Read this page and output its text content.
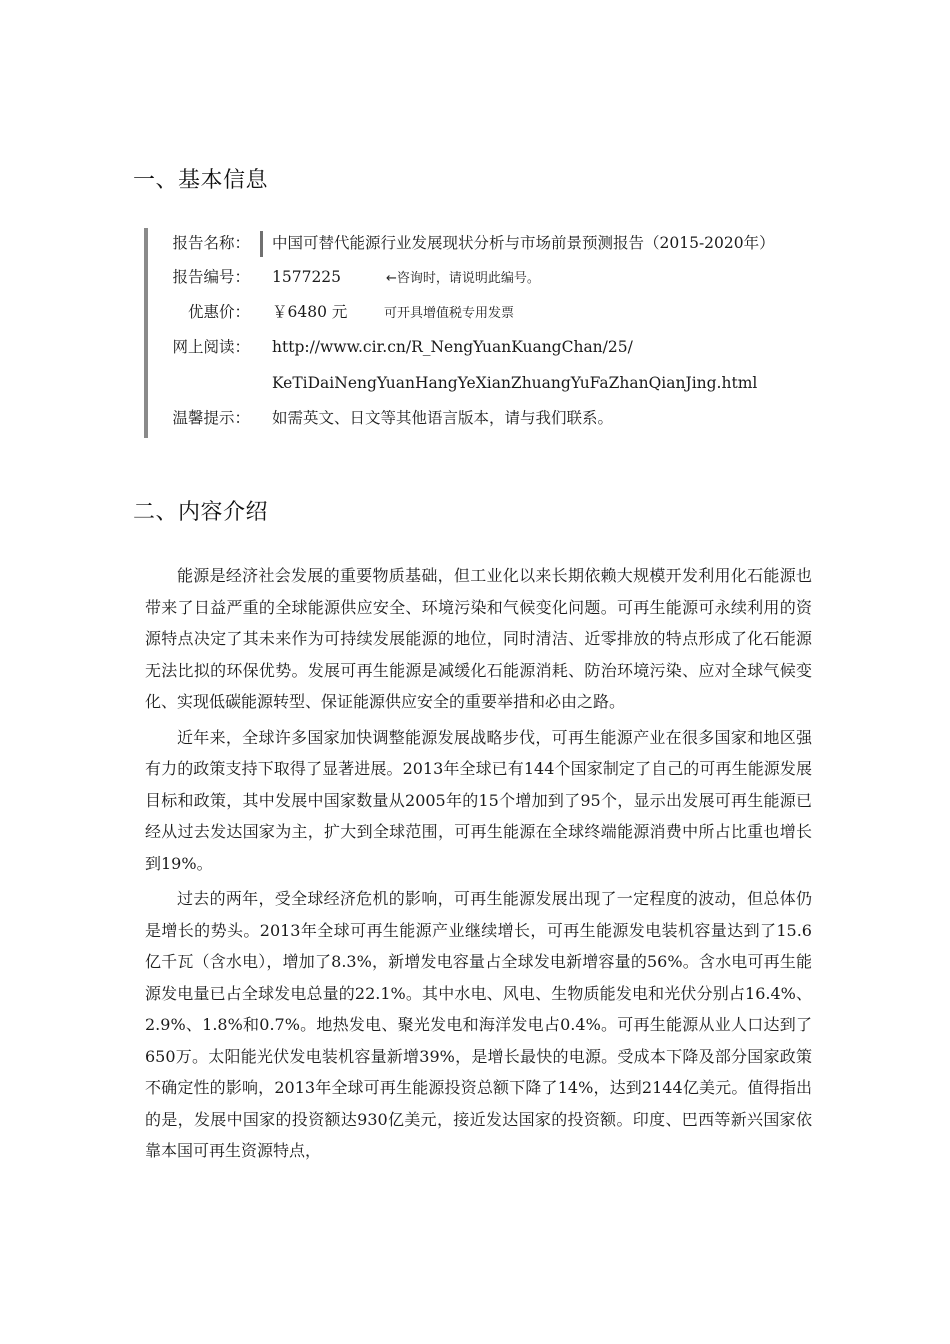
一、基本信息
报告名称： 中国可替代能源行业发展现状分析与市场前景预测报告（2015-2020年）
报告编号： 1577225	←咨询时，请说明此编号。
优惠价： ￥6480 元	可开具增值税专用发票
网上阅读： http://www.cir.cn/R_NengYuanKuangChan/25/
KeTiDaiNengYuanHangYeXianZhuangYuFaZhanQianJing.html
温馨提示： 如需英文、日文等其他语言版本，请与我们联系。
二、内容介绍

能源是经济社会发展的重要物质基础，但工业化以来长期依赖大规模开发利用化石能源也带来了日益严重的全球能源供应安全、环境污染和气候变化问题。可再生能源可永续利用的资源特点决定了其未来作为可持续发展能源的地位，同时清洁、近零排放的特点形成了化石能源无法比拟的环保优势。发展可再生能源是减缓化石能源消耗、防治环境污染、应对全球气候变化、实现低碳能源转型、保证能源供应安全的重要举措和必由之路。

近年来，全球许多国家加快调整能源发展战略步伐，可再生能源产业在很多国家和地区强有力的政策支持下取得了显著进展。2013年全球已有144个国家制定了自己的可再生能源发展目标和政策，其中发展中国家数量从2005年的15个增加到了95个，显示出发展可再生能源已经从过去发达国家为主，扩大到全球范围，可再生能源在全球终端能源消费中所占比重也增长到19%。

过去的两年，受全球经济危机的影响，可再生能源发展出现了一定程度的波动，但总体仍是增长的势头。2013年全球可再生能源产业继续增长，可再生能源发电装机容量达到了15.6亿千瓦（含水电），增加了8.3%，新增发电容量占全球发电新增容量的56%。含水电可再生能源发电量已占全球发电总量的22.1%。其中水电、风电、生物质能发电和光伏分别占16.4%、2.9%、1.8%和0.7%。地热发电、聚光发电和海洋发电占0.4%。可再生能源从业人口达到了650万。太阳能光伏发电装机容量新增39%，是增长最快的电源。受成本下降及部分国家政策不确定性的影响，2013年全球可再生能源投资总额下降了14%，达到2144亿美元。值得指出的是，发展中国家的投资额达930亿美元，接近发达国家的投资额。印度、巴西等新兴国家依靠本国可再生资源特点，
